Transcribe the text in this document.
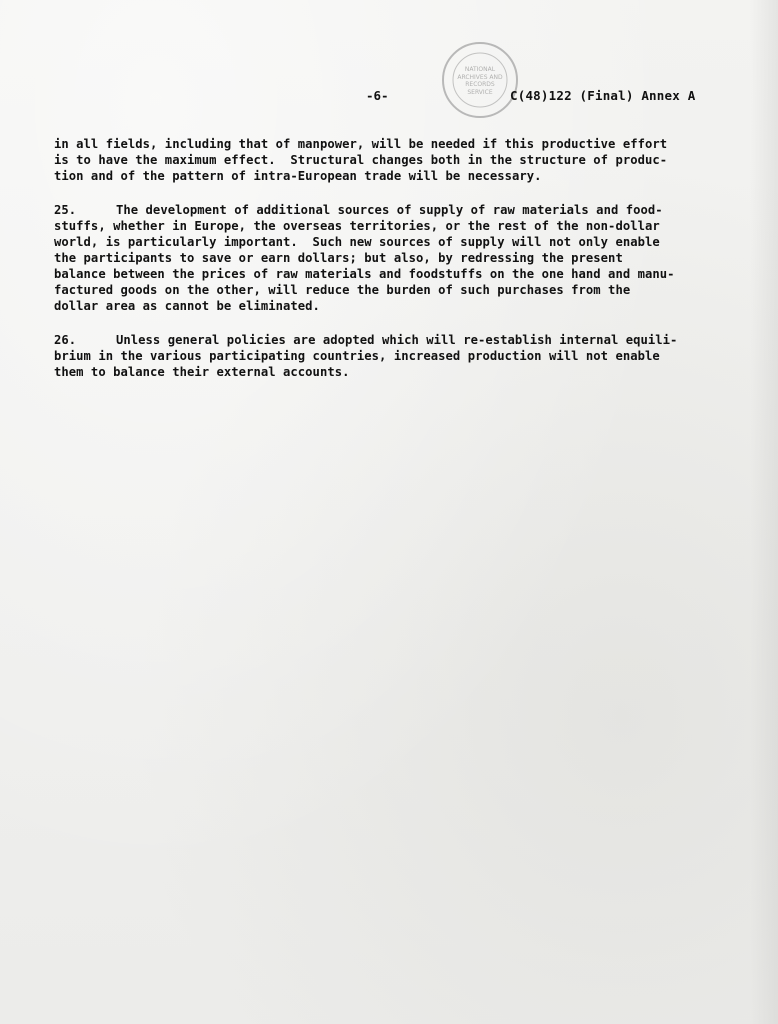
NATIONAL
ARCHIVES AND
RECORDS
SERVICE
-6-	C(48)122 (Final) Annex A
in all fields, including that of manpower, will be needed if this productive effort
is to have the maximum effect.  Structural changes both in the structure of produc-
tion and of the pattern of intra-European trade will be necessary.
25.	The development of additional sources of supply of raw materials and food-
stuffs, whether in Europe, the overseas territories, or the rest of the non-dollar
world, is particularly important.  Such new sources of supply will not only enable
the participants to save or earn dollars; but also, by redressing the present
balance between the prices of raw materials and foodstuffs on the one hand and manu-
factured goods on the other, will reduce the burden of such purchases from the
dollar area as cannot be eliminated.
26.	Unless general policies are adopted which will re-establish internal equili-
brium in the various participating countries, increased production will not enable
them to balance their external accounts.
